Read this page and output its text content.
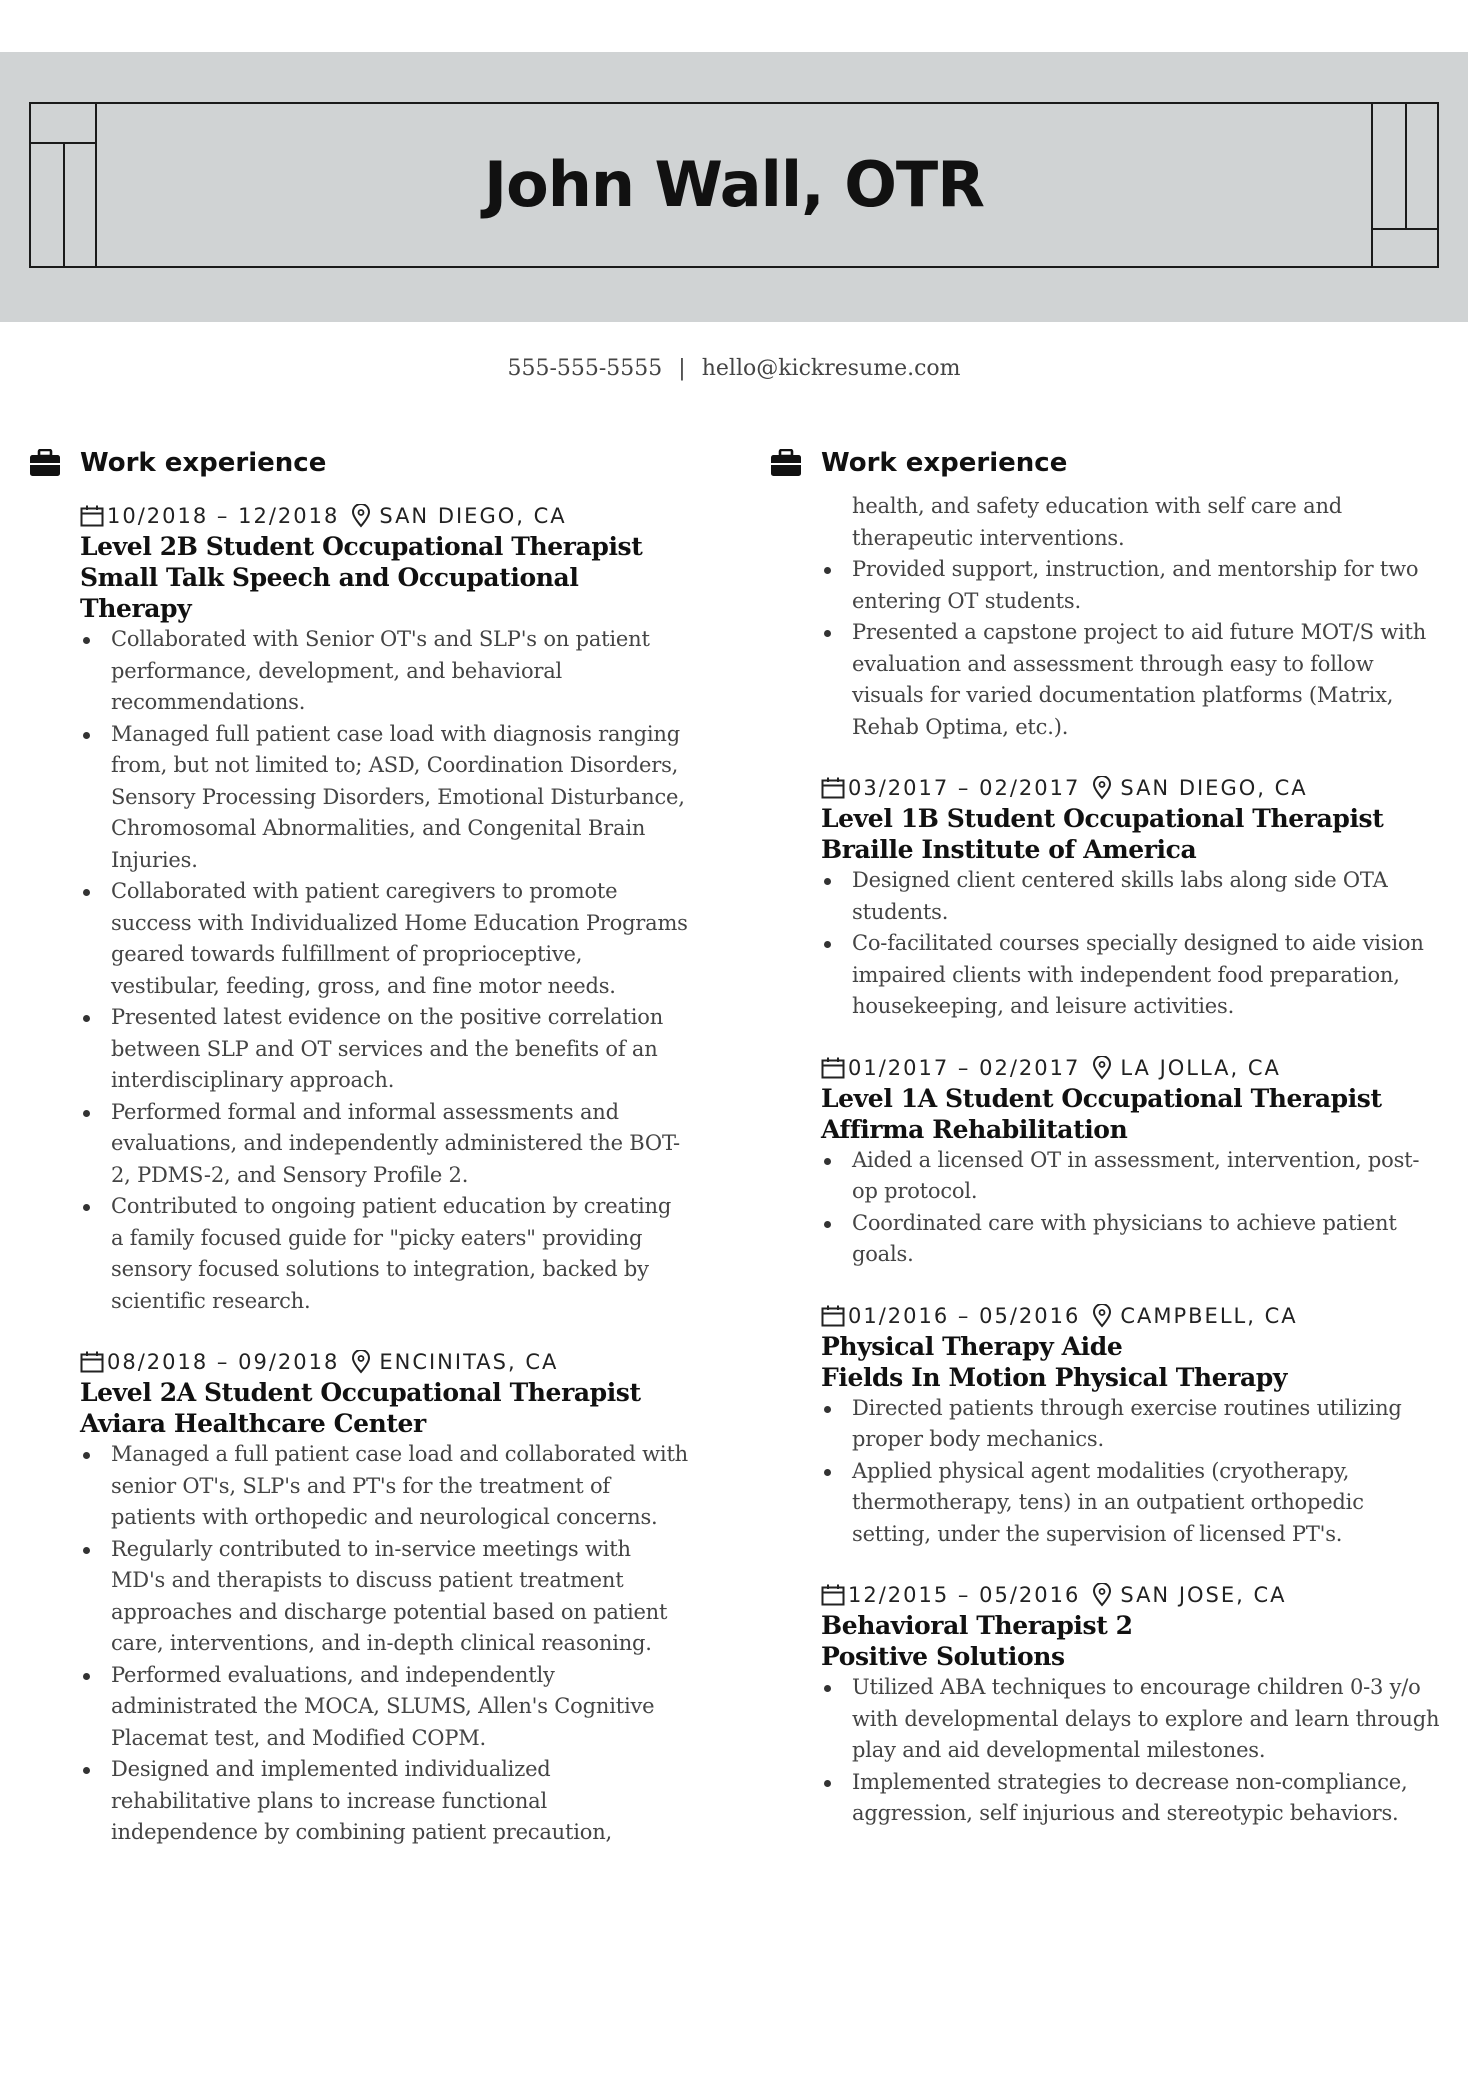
John Wall, OTR
555-555-5555 | hello@kickresume.com
Work experience
10/2018 – 12/2018 SAN DIEGO, CA
Level 2B Student Occupational Therapist
Small Talk Speech and Occupational Therapy
Collaborated with Senior OT's and SLP's on patient performance, development, and behavioral recommendations.
Managed full patient case load with diagnosis ranging from, but not limited to; ASD, Coordination Disorders, Sensory Processing Disorders, Emotional Disturbance, Chromosomal Abnormalities, and Congenital Brain Injuries.
Collaborated with patient caregivers to promote success with Individualized Home Education Programs geared towards fulfillment of proprioceptive, vestibular, feeding, gross, and fine motor needs.
Presented latest evidence on the positive correlation between SLP and OT services and the benefits of an interdisciplinary approach.
Performed formal and informal assessments and evaluations, and independently administered the BOT-2, PDMS-2, and Sensory Profile 2.
Contributed to ongoing patient education by creating a family focused guide for "picky eaters" providing sensory focused solutions to integration, backed by scientific research.
08/2018 – 09/2018 ENCINITAS, CA
Level 2A Student Occupational Therapist
Aviara Healthcare Center
Managed a full patient case load and collaborated with senior OT's, SLP's and PT's for the treatment of patients with orthopedic and neurological concerns.
Regularly contributed to in-service meetings with MD's and therapists to discuss patient treatment approaches and discharge potential based on patient care, interventions, and in-depth clinical reasoning.
Performed evaluations, and independently administrated the MOCA, SLUMS, Allen's Cognitive Placemat test, and Modified COPM.
Designed and implemented individualized rehabilitative plans to increase functional independence by combining patient precaution,
Work experience
health, and safety education with self care and therapeutic interventions.
Provided support, instruction, and mentorship for two entering OT students.
Presented a capstone project to aid future MOT/S with evaluation and assessment through easy to follow visuals for varied documentation platforms (Matrix, Rehab Optima, etc.).
03/2017 – 02/2017 SAN DIEGO, CA
Level 1B Student Occupational Therapist
Braille Institute of America
Designed client centered skills labs along side OTA students.
Co-facilitated courses specially designed to aide vision impaired clients with independent food preparation, housekeeping, and leisure activities.
01/2017 – 02/2017 LA JOLLA, CA
Level 1A Student Occupational Therapist
Affirma Rehabilitation
Aided a licensed OT in assessment, intervention, post-op protocol.
Coordinated care with physicians to achieve patient goals.
01/2016 – 05/2016 CAMPBELL, CA
Physical Therapy Aide
Fields In Motion Physical Therapy
Directed patients through exercise routines utilizing proper body mechanics.
Applied physical agent modalities (cryotherapy, thermotherapy, tens) in an outpatient orthopedic setting, under the supervision of licensed PT's.
12/2015 – 05/2016 SAN JOSE, CA
Behavioral Therapist 2
Positive Solutions
Utilized ABA techniques to encourage children 0-3 y/o with developmental delays to explore and learn through play and aid developmental milestones.
Implemented strategies to decrease non-compliance, aggression, self injurious and stereotypic behaviors.
